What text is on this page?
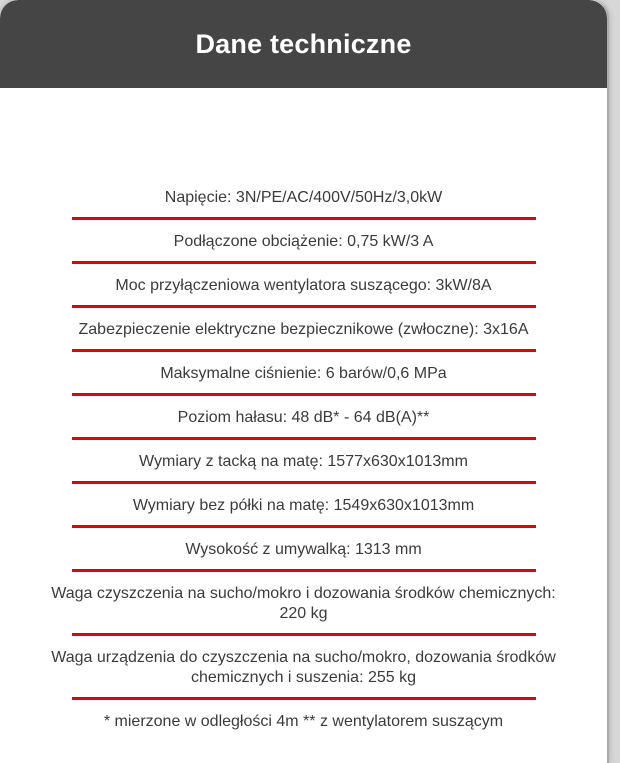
Dane techniczne
Napięcie: 3N/PE/AC/400V/50Hz/3,0kW
Podłączone obciążenie: 0,75 kW/3 A
Moc przyłączeniowa wentylatora suszącego: 3kW/8A
Zabezpieczenie elektryczne bezpiecznikowe (zwłoczne): 3x16A
Maksymalne ciśnienie: 6 barów/0,6 MPa
Poziom hałasu: 48 dB* - 64 dB(A)**
Wymiary z tacką na matę: 1577x630x1013mm
Wymiary bez półki na matę: 1549x630x1013mm
Wysokość z umywalką: 1313 mm
Waga czyszczenia na sucho/mokro i dozowania środków chemicznych: 220 kg
Waga urządzenia do czyszczenia na sucho/mokro, dozowania środków chemicznych i suszenia: 255 kg
* mierzone w odległości 4m ** z wentylatorem suszącym
